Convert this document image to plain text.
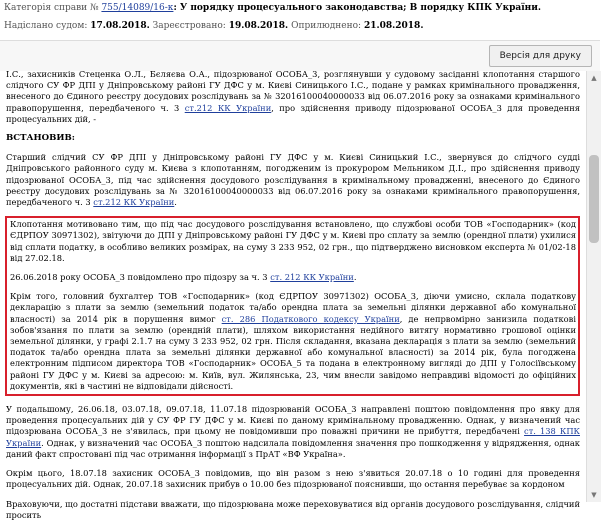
Категорія справи № 755/14089/16-к: У порядку процесуального законодавства; В порядку КПК України.
Надіслано судом: 17.08.2018. Зареєстровано: 19.08.2018. Оприлюднено: 21.08.2018.
Версія для друку

І.С., захисників Стеценка О.Л., Бєляєва О.А., підозрюваної ОСОБА_3, розглянувши у судовому засіданні клопотання старшого слідчого СУ ФР ДПІ у Дніпровському районі ГУ ДФС у м. Києві Синицького І.С., подане у рамках кримінального провадження, внесеного до Єдиного реєстру досудових розслідувань за № 32016100040000033 від 06.07.2016 року за ознаками кримінального правопорушення, передбаченого ч. 3 ст.212 КК України, про здійснення приводу підозрюваної ОСОБА_3 для проведення процесуальних дій, -

ВСТАНОВИВ:

Старший слідчий СУ ФР ДПІ у Дніпровському районі ГУ ДФС у м. Києві Синицький І.С., звернувся до слідчого судді Дніпровського районного суду м. Києва з клопотанням, погодженим із прокурором Мельником Д.І., про здійснення приводу підозрюваної ОСОБА_3, під час здійснення досудового розслідування в кримінальному провадженні, внесеного до Єдиного реєстру досудових розслідувань за № 32016100040000033 від 06.07.2016 року за ознаками кримінального правопорушення, передбаченого ч. 3 ст.212 КК України.

Клопотання мотивовано тим, що під час досудового розслідування встановлено, що службові особи ТОВ «Господарник» (код ЄДРПОУ 30971302), звітуючи до ДПІ у Дніпровському районі ГУ ДФС у м. Києві про сплату за землю (орендної плати) ухилися від сплати податку, в особливо великих розмірах, на суму 3 233 952, 02 грн., що підтверджено висновком експерта № 01/02-18 від 27.02.18.

26.06.2018 року ОСОБА_3 повідомлено про підозру за ч. 3 ст. 212 КК України.

Крім того, головний бухгалтер ТОВ «Господарник» (код ЄДРПОУ 30971302) ОСОБА_3, діючи умисно, склала податкову декларацію з плати за землю (земельний податок та/або орендна плата за земельні ділянки державної або комунальної власності) за 2014 рік в порушення вимог ст. 286 Податкового кодексу України, де непрвомірно занизила податкові зобов'язання по плати за землю (орендній плати), шляхом використання недійного витягу нормативно грошової оцінки земельної ділянки, у графі 2.1.7 на суму 3 233 952, 02 грн. Після складання, вказана декларація з плати за землю (земельний податок та/або орендна плата за земельні ділянки державної або комунальної власності) за 2014 рік, була погоджена електронним підписом директора ТОВ «Господарник» ОСОБА_5 та подана в електронному вигляді до ДПІ у Голосіївському районі ГУ ДФС у м. Києві за адресою: м. Київ, вул. Жилянська, 23, чим внесли завідомо неправдиві відомості до офіційних документів, які в частині не відповідали дійсності.

У подальшому, 26.06.18, 03.07.18, 09.07.18, 11.07.18 підозрюваній ОСОБА_3 направлені поштою повідомлення про явку для проведення процесуальних дій у СУ ФР ГУ ДФС у м. Києві по даному кримінальному провадженню. Однак, у визначений час підозрювана ОСОБА_3 не з'явилась, при цьому не повідомивши про поважні причини не прибуття, передбачені ст. 138 КПК України. Однак, у визначений час ОСОБА_3 поштою надсилала повідомлення значення про пошкодження у відрядження, однак даний факт спростовані під час отримання інформації з ПрАТ «ВФ Україна».

Окрім цього, 18.07.18 захисник ОСОБА_3 повідомив, що він разом з нею з'явиться 20.07.18 о 10 годині для проведення процесуальних дій. Однак, 20.07.18 захисник прибув о 10.00 без підозрюваної пояснивши, що остання перебуває за кордоном

Враховуючи, що достатні підстави вважати, що підозрювана може переховуватися від органів досудового розслідування, слідчий просить

▲
▼
